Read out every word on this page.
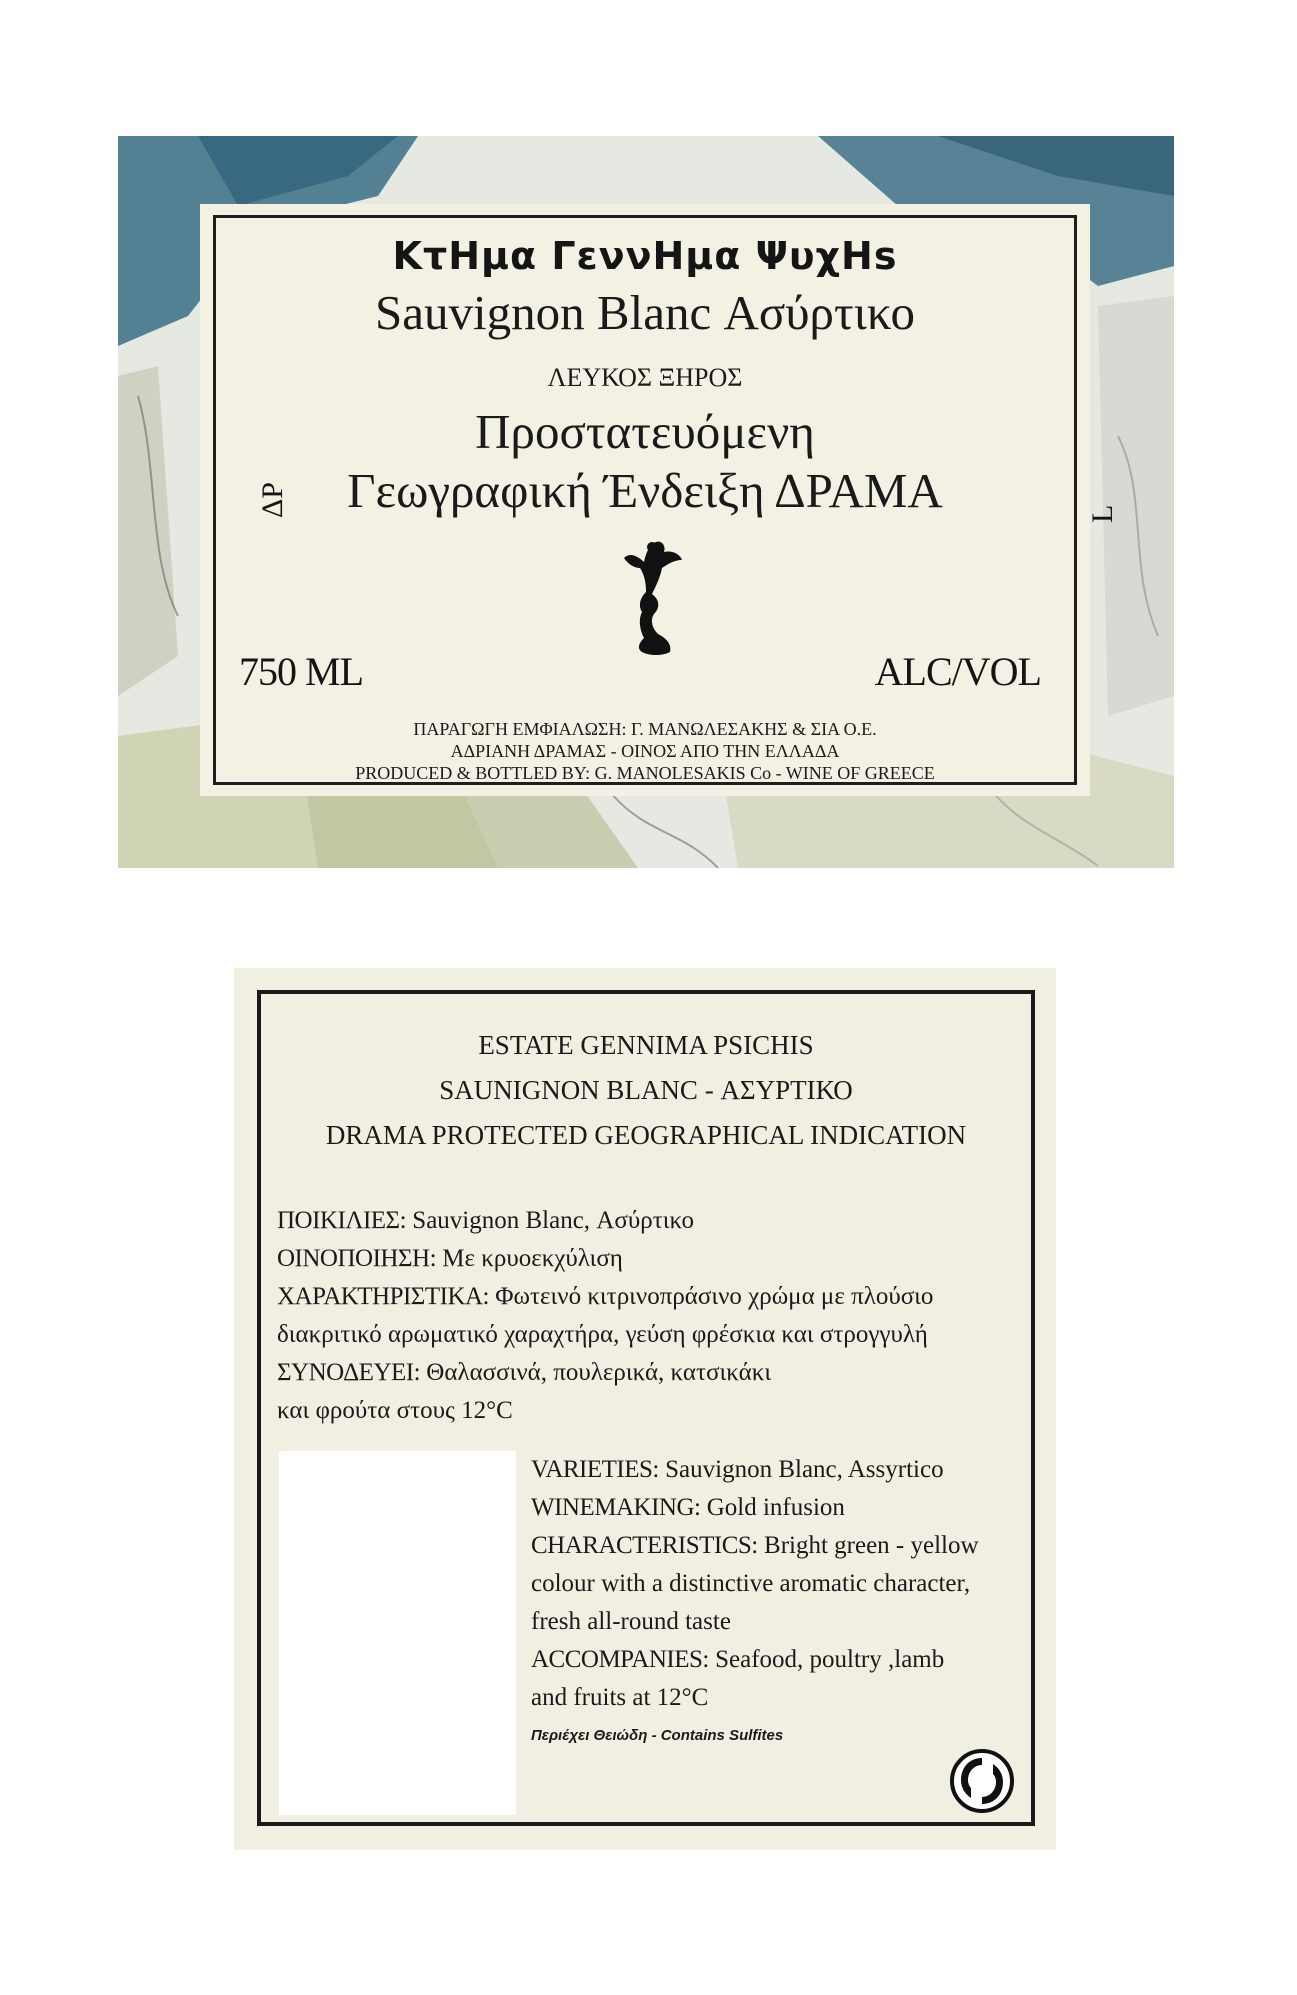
ΚτΗμα ΓεννΗμα ΨυχΗs
Sauvignon Blanc Ασύρτικο
ΛΕΥΚΟΣ ΞΗΡΟΣ
Προστατευόμενη
Γεωγραφική Ένδειξη ΔΡΑΜΑ
ΔΡ	L
750 ML	ALC/VOL
ΠΑΡΑΓΩΓΗ ΕΜΦΙΑΛΩΣΗ: Γ. ΜΑΝΩΛΕΣΑΚΗΣ & ΣΙΑ Ο.Ε.
ΑΔΡΙΑΝΗ ΔΡΑΜΑΣ - ΟΙΝΟΣ ΑΠΟ ΤΗΝ ΕΛΛΑΔΑ
PRODUCED & BOTTLED BY: G. MANOLESAKIS Co - WINE OF GREECE
ESTATE GENNIMA PSICHIS
SAUNIGNON BLANC - ΑΣΥΡΤΙΚΟ
DRAMA PROTECTED GEOGRAPHICAL INDICATION

ΠΟΙΚΙΛΙΕΣ: Sauvignon Blanc, Ασύρτικο

ΟΙΝΟΠΟΙΗΣΗ: Με κρυοεκχύλιση

ΧΑΡΑΚΤΗΡΙΣΤΙΚΑ: Φωτεινό κιτρινοπράσινο χρώμα με πλούσιο

διακριτικό αρωματικό χαραχτήρα, γεύση φρέσκια και στρογγυλή

ΣΥΝΟΔΕΥΕΙ: Θαλασσινά, πουλερικά, κατσικάκι

και φρούτα στους 12°C

VARIETIES: Sauvignon Blanc, Assyrtico

WINEMAKING: Gold infusion

CHARACTERISTICS: Bright green - yellow

colour with a distinctive aromatic character,

fresh all-round taste

ACCOMPANIES: Seafood, poultry ,lamb

and fruits at 12°C

Περιέχει Θειώδη - Contains Sulfites
